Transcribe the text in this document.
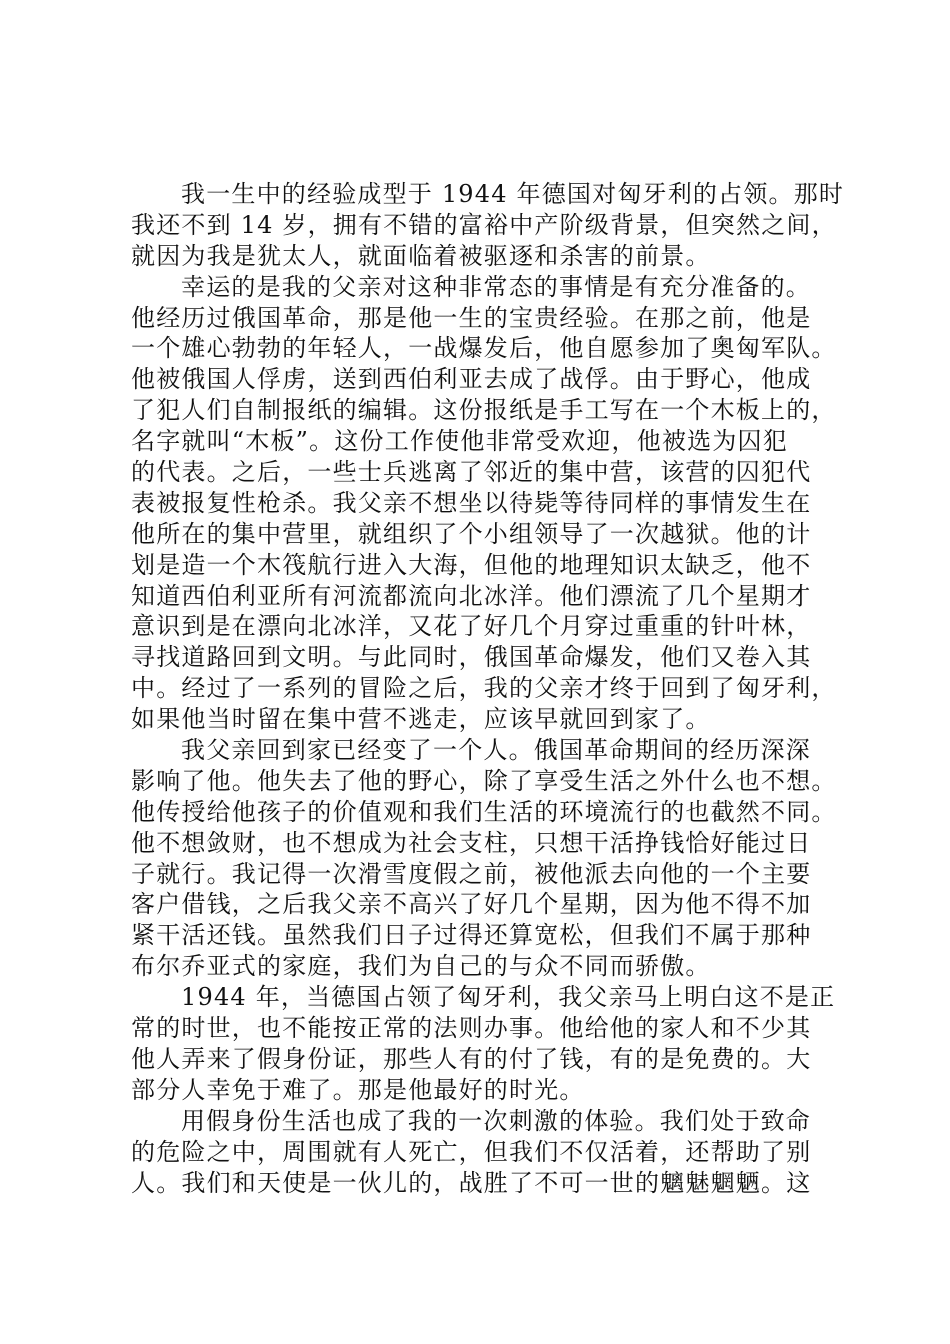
我一生中的经验成型于 1944 年德国对匈牙利的占领。那时
我还不到 14 岁，拥有不错的富裕中产阶级背景，但突然之间，
就因为我是犹太人，就面临着被驱逐和杀害的前景。
幸运的是我的父亲对这种非常态的事情是有充分准备的。
他经历过俄国革命，那是他一生的宝贵经验。在那之前，他是
一个雄心勃勃的年轻人，一战爆发后，他自愿参加了奥匈军队。
他被俄国人俘虏，送到西伯利亚去成了战俘。由于野心，他成
了犯人们自制报纸的编辑。这份报纸是手工写在一个木板上的，
名字就叫“木板”。这份工作使他非常受欢迎，他被选为囚犯
的代表。之后，一些士兵逃离了邻近的集中营，该营的囚犯代
表被报复性枪杀。我父亲不想坐以待毙等待同样的事情发生在
他所在的集中营里，就组织了个小组领导了一次越狱。他的计
划是造一个木筏航行进入大海，但他的地理知识太缺乏，他不
知道西伯利亚所有河流都流向北冰洋。他们漂流了几个星期才
意识到是在漂向北冰洋，又花了好几个月穿过重重的针叶林，
寻找道路回到文明。与此同时，俄国革命爆发，他们又卷入其
中。经过了一系列的冒险之后，我的父亲才终于回到了匈牙利，
如果他当时留在集中营不逃走，应该早就回到家了。
我父亲回到家已经变了一个人。俄国革命期间的经历深深
影响了他。他失去了他的野心，除了享受生活之外什么也不想。
他传授给他孩子的价值观和我们生活的环境流行的也截然不同。
他不想敛财，也不想成为社会支柱，只想干活挣钱恰好能过日
子就行。我记得一次滑雪度假之前，被他派去向他的一个主要
客户借钱，之后我父亲不高兴了好几个星期，因为他不得不加
紧干活还钱。虽然我们日子过得还算宽松，但我们不属于那种
布尔乔亚式的家庭，我们为自己的与众不同而骄傲。
1944 年，当德国占领了匈牙利，我父亲马上明白这不是正
常的时世，也不能按正常的法则办事。他给他的家人和不少其
他人弄来了假身份证，那些人有的付了钱，有的是免费的。大
部分人幸免于难了。那是他最好的时光。
用假身份生活也成了我的一次刺激的体验。我们处于致命
的危险之中，周围就有人死亡，但我们不仅活着，还帮助了别
人。我们和天使是一伙儿的，战胜了不可一世的魑魅魍魉。这
